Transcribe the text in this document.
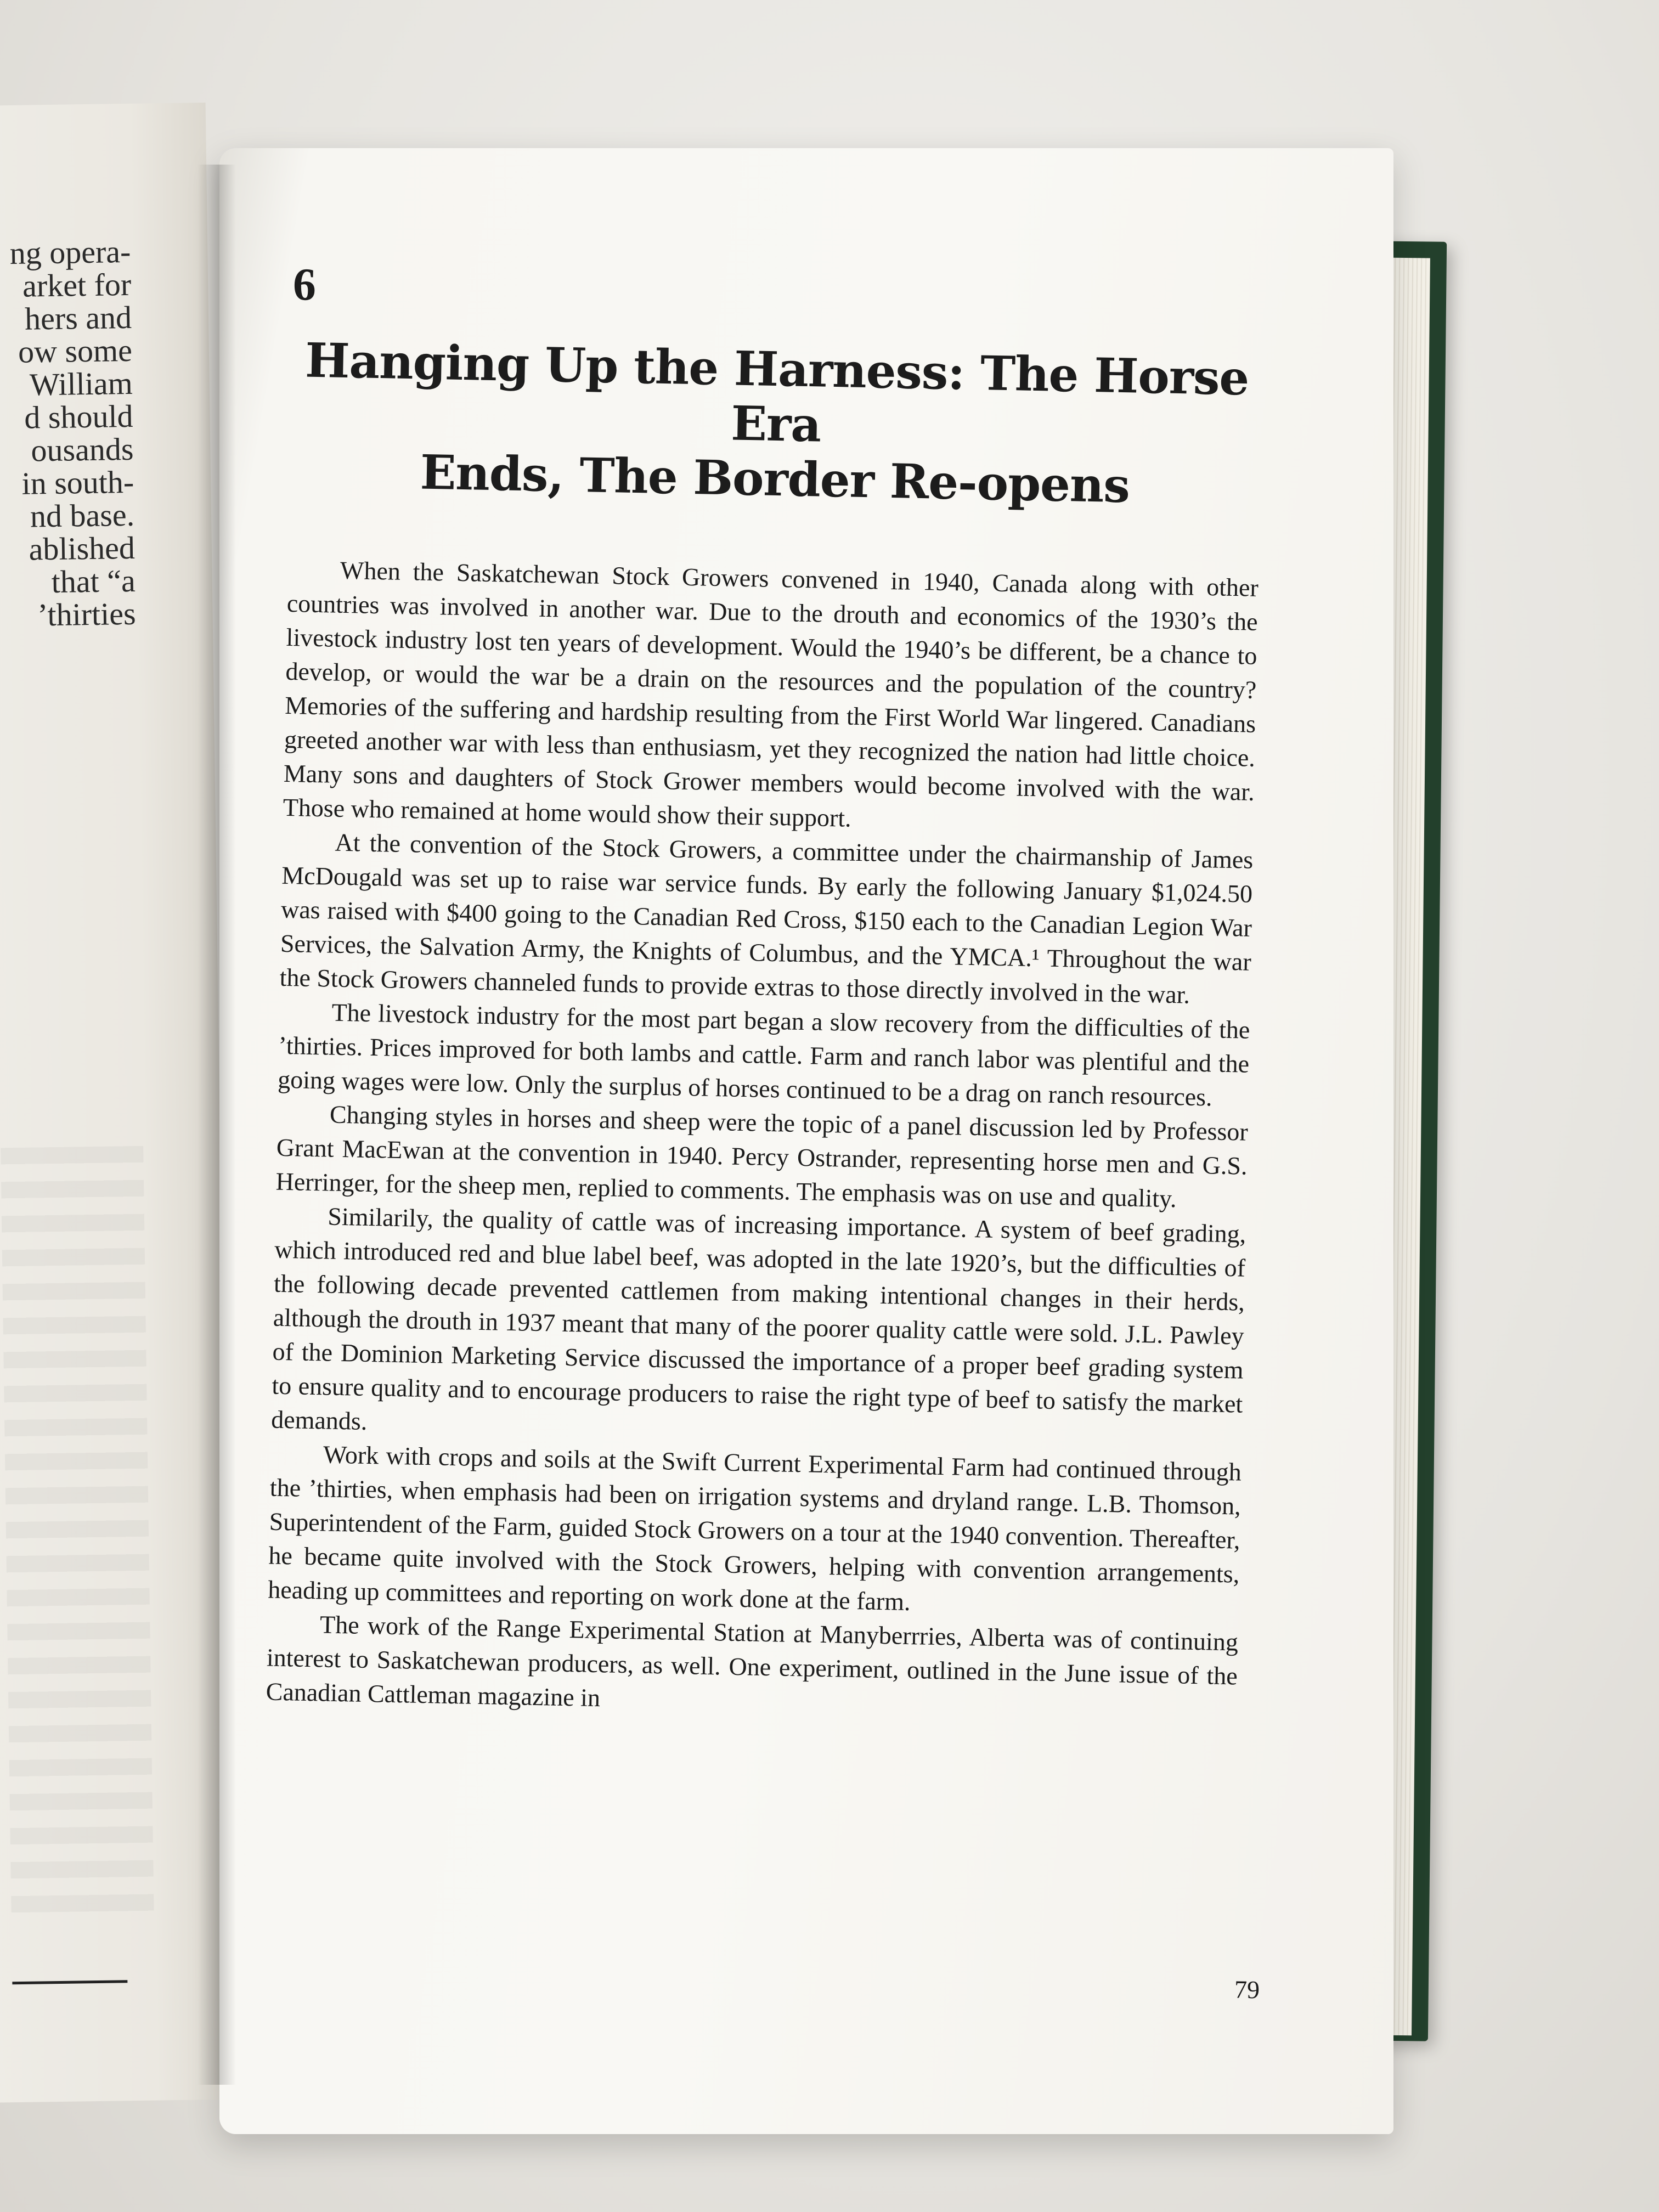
ng opera-
arket for
hers and
ow some
William
d should
ousands
in south-
nd base.
ablished
that “a
’thirties
6
Hanging Up the Harness: The Horse Era
Ends, The Border Re-opens

When the Saskatchewan Stock Growers convened in 1940, Canada along with other countries was involved in another war. Due to the drouth and economics of the 1930’s the livestock industry lost ten years of development. Would the 1940’s be different, be a chance to develop, or would the war be a drain on the resources and the population of the country? Memories of the suffering and hardship resulting from the First World War lingered. Canadians greeted another war with less than enthusiasm, yet they recognized the nation had little choice. Many sons and daughters of Stock Grower members would become involved with the war. Those who remained at home would show their support.

At the convention of the Stock Growers, a committee under the chairmanship of James McDougald was set up to raise war service funds. By early the following January $1,024.50 was raised with $400 going to the Canadian Red Cross, $150 each to the Canadian Legion War Services, the Salvation Army, the Knights of Columbus, and the YMCA.¹ Throughout the war the Stock Growers channeled funds to provide extras to those directly involved in the war.

The livestock industry for the most part began a slow recovery from the difficulties of the ’thirties. Prices improved for both lambs and cattle. Farm and ranch labor was plentiful and the going wages were low. Only the surplus of horses continued to be a drag on ranch resources.

Changing styles in horses and sheep were the topic of a panel discussion led by Professor Grant MacEwan at the convention in 1940. Percy Ostrander, representing horse men and G.S. Herringer, for the sheep men, replied to comments. The emphasis was on use and quality.

Similarily, the quality of cattle was of increasing importance. A system of beef grading, which introduced red and blue label beef, was adopted in the late 1920’s, but the difficulties of the following decade prevented cattlemen from making intentional changes in their herds, although the drouth in 1937 meant that many of the poorer quality cattle were sold. J.L. Pawley of the Dominion Marketing Service discussed the importance of a proper beef grading system to ensure quality and to encourage producers to raise the right type of beef to satisfy the market demands.

Work with crops and soils at the Swift Current Experimental Farm had continued through the ’thirties, when emphasis had been on irrigation systems and dryland range. L.B. Thomson, Superintendent of the Farm, guided Stock Growers on a tour at the 1940 convention. Thereafter, he became quite involved with the Stock Growers, helping with convention arrangements, heading up committees and reporting on work done at the farm.

The work of the Range Experimental Station at Manyberrries, Alberta was of continuing interest to Saskatchewan producers, as well. One experiment, outlined in the June issue of the Canadian Cattleman magazine in

79
